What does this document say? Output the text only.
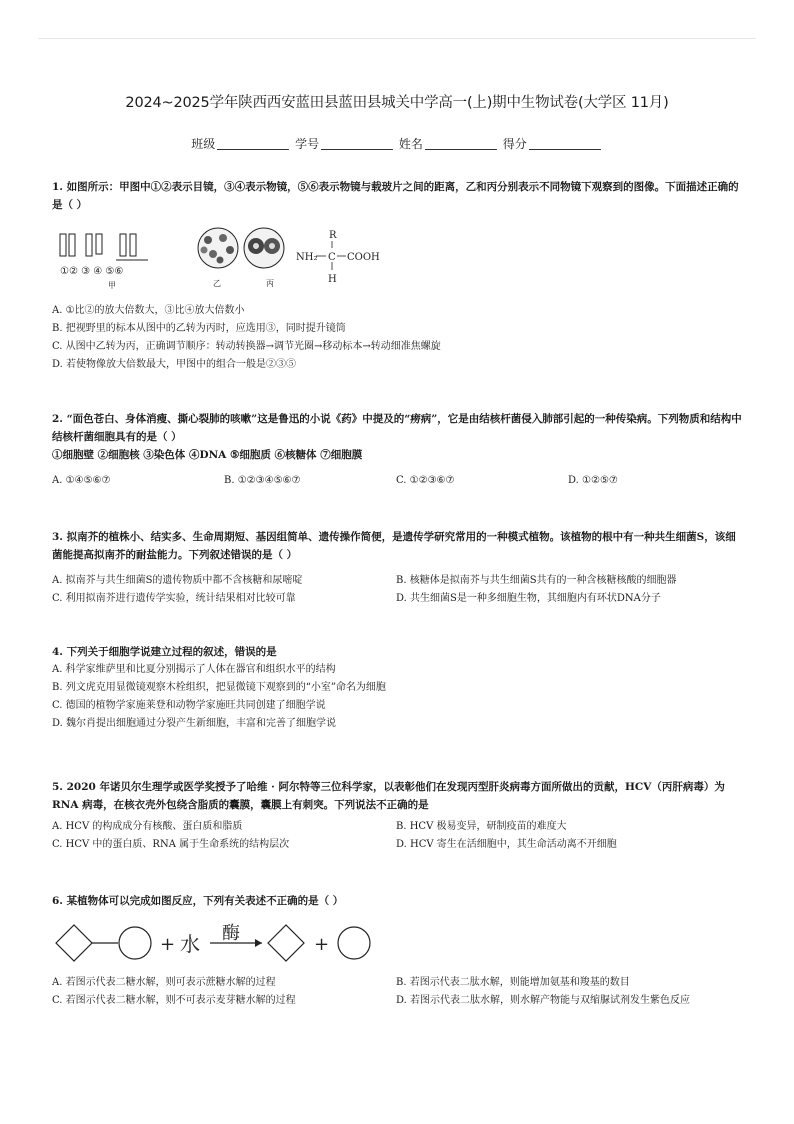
2024~2025学年陕西西安蓝田县蓝田县城关中学高一(上)期中生物试卷(大学区 11月)
班级	学号	姓名	得分
1. 如图所示：甲图中①②表示目镜，③④表示物镜，⑤⑥表示物镜与载玻片之间的距离，乙和丙分别表示不同物镜下观察到的图像。下面描述正确的是（ ）
①② ③ ④ ⑤⑥
甲	乙	丙
R
NH₂ C COOH
H
A. ①比②的放大倍数大，③比④放大倍数小
B. 把视野里的标本从图中的乙转为丙时，应选用③，同时提升镜筒
C. 从图中乙转为丙，正确调节顺序：转动转换器→调节光圈→移动标本→转动细准焦螺旋
D. 若使物像放大倍数最大，甲图中的组合一般是②③⑤
2. “面色苍白、身体消瘦、撕心裂肺的咳嗽”这是鲁迅的小说《药》中提及的“痨病”，它是由结核杆菌侵入肺部引起的一种传染病。下列物质和结构中结核杆菌细胞具有的是（ ）
①细胞壁 ②细胞核 ③染色体 ④DNA ⑤细胞质 ⑥核糖体 ⑦细胞膜
A. ①④⑤⑥⑦	B. ①②③④⑤⑥⑦	C. ①②③⑥⑦	D. ①②⑤⑦
3. 拟南芥的植株小、结实多、生命周期短、基因组简单、遗传操作简便，是遗传学研究常用的一种模式植物。该植物的根中有一种共生细菌S，该细菌能提高拟南芥的耐盐能力。下列叙述错误的是（ ）
A. 拟南芥与共生细菌S的遗传物质中都不含核糖和尿嘧啶	B. 核糖体是拟南芥与共生细菌S共有的一种含核糖核酸的细胞器
C. 利用拟南芥进行遗传学实验，统计结果相对比较可靠	D. 共生细菌S是一种多细胞生物，其细胞内有环状DNA分子
4. 下列关于细胞学说建立过程的叙述，错误的是
A. 科学家维萨里和比夏分别揭示了人体在器官和组织水平的结构
B. 列文虎克用显微镜观察木栓组织，把显微镜下观察到的“小室”命名为细胞
C. 德国的植物学家施莱登和动物学家施旺共同创建了细胞学说
D. 魏尔肖提出细胞通过分裂产生新细胞，丰富和完善了细胞学说
5. 2020 年诺贝尔生理学或医学奖授予了哈维 · 阿尔特等三位科学家，以表彰他们在发现丙型肝炎病毒方面所做出的贡献，HCV（丙肝病毒）为 RNA 病毒，在核衣壳外包绕含脂质的囊膜，囊膜上有刺突。下列说法不正确的是
A. HCV 的构成成分有核酸、蛋白质和脂质	B. HCV 极易变异，研制疫苗的难度大
C. HCV 中的蛋白质、RNA 属于生命系统的结构层次	D. HCV 寄生在活细胞中，其生命活动离不开细胞
6. 某植物体可以完成如图反应，下列有关表述不正确的是（ ）
+ 水 酶
+
A. 若图示代表二糖水解，则可表示蔗糖水解的过程	B. 若图示代表二肽水解，则能增加氨基和羧基的数目
C. 若图示代表二糖水解，则不可表示麦芽糖水解的过程	D. 若图示代表二肽水解，则水解产物能与双缩脲试剂发生紫色反应
